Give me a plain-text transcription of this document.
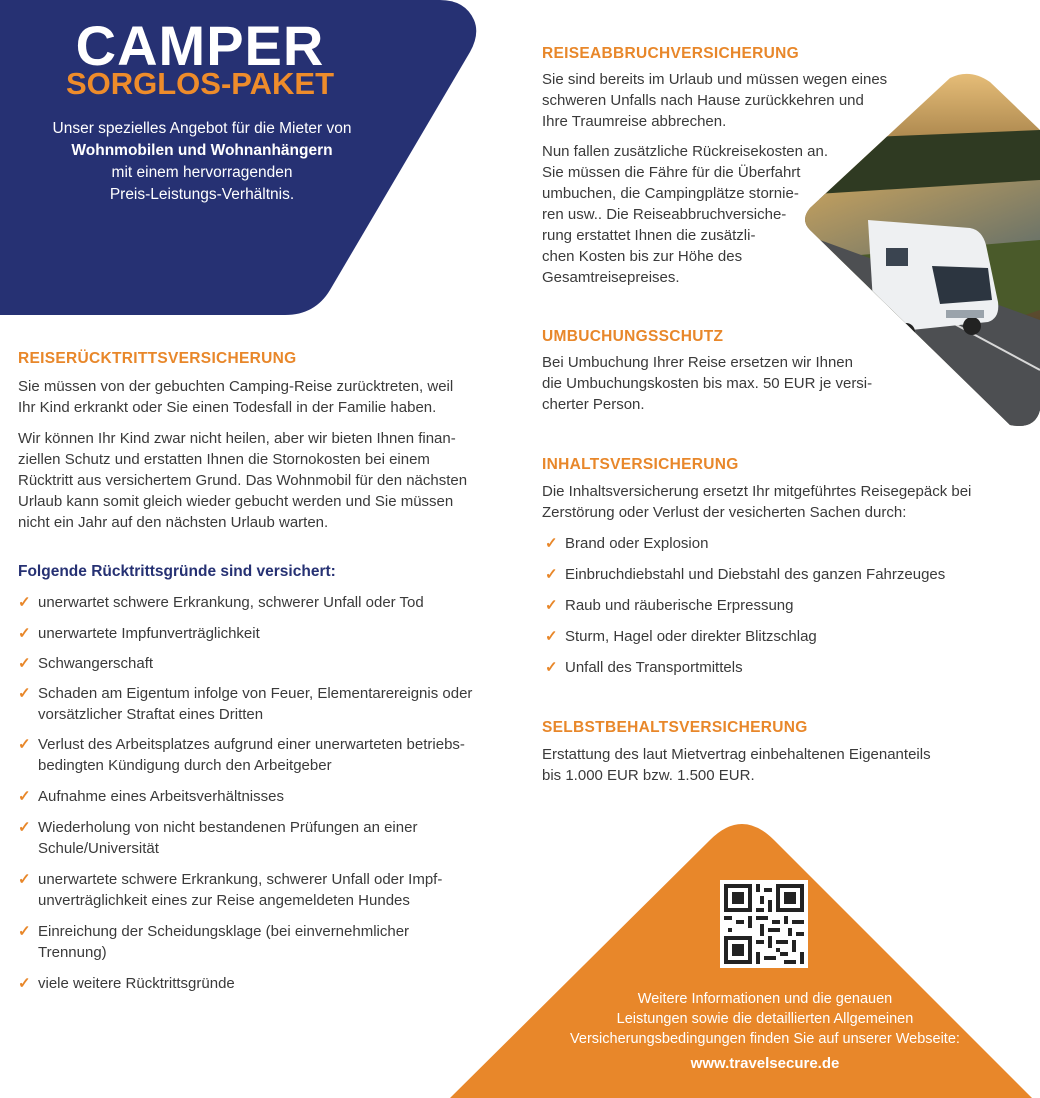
CAMPER
SORGLOS-PAKET
Unser spezielles Angebot für die Mieter von
Wohnmobilen und Wohnanhängern
mit einem hervorragenden
Preis-Leistungs-Verhältnis.
REISERÜCKTRITTSVERSICHERUNG
Sie müssen von der gebuchten Camping-Reise zurücktreten, weil
Ihr Kind erkrankt oder Sie einen Todesfall in der Familie haben.
Wir können Ihr Kind zwar nicht heilen, aber wir bieten Ihnen finan-
ziellen Schutz und erstatten Ihnen die Stornokosten bei einem
Rücktritt aus versichertem Grund. Das Wohnmobil für den nächsten
Urlaub kann somit gleich wieder gebucht werden und Sie müssen
nicht ein Jahr auf den nächsten Urlaub warten.
Folgende Rücktrittsgründe sind versichert:
✓ unerwartet schwere Erkrankung, schwerer Unfall oder Tod
✓ unerwartete Impfunverträglichkeit
✓ Schwangerschaft
✓ Schaden am Eigentum infolge von Feuer, Elementarereignis oder
vorsätzlicher Straftat eines Dritten
✓ Verlust des Arbeitsplatzes aufgrund einer unerwarteten betriebs-
bedingten Kündigung durch den Arbeitgeber
✓ Aufnahme eines Arbeitsverhältnisses
✓ Wiederholung von nicht bestandenen Prüfungen an einer
Schule/Universität
✓ unerwartete schwere Erkrankung, schwerer Unfall oder Impf-
unverträglichkeit eines zur Reise angemeldeten Hundes
✓ Einreichung der Scheidungsklage (bei einvernehmlicher
Trennung)
✓ viele weitere Rücktrittsgründe
REISEABBRUCHVERSICHERUNG
Sie sind bereits im Urlaub und müssen wegen eines
schweren Unfalls nach Hause zurückkehren und
Ihre Traumreise abbrechen.
Nun fallen zusätzliche Rückreisekosten an.
Sie müssen die Fähre für die Überfahrt
umbuchen, die Campingplätze stornie-
ren usw.. Die Reiseabbruchversiche-
rung erstattet Ihnen die zusätzli-
chen Kosten bis zur Höhe des
Gesamtreisepreises.
UMBUCHUNGSSCHUTZ
Bei Umbuchung Ihrer Reise ersetzen wir Ihnen
die Umbuchungskosten bis max. 50 EUR je versi-
cherter Person.
INHALTSVERSICHERUNG
Die Inhaltsversicherung ersetzt Ihr mitgeführtes Reisegepäck bei
Zerstörung oder Verlust der vesicherten Sachen durch:
✓ Brand oder Explosion
✓ Einbruchdiebstahl und Diebstahl des ganzen Fahrzeuges
✓ Raub und räuberische Erpressung
✓ Sturm, Hagel oder direkter Blitzschlag
✓ Unfall des Transportmittels
SELBSTBEHALTSVERSICHERUNG
Erstattung des laut Mietvertrag einbehaltenen Eigenanteils
bis 1.000 EUR bzw. 1.500 EUR.
Weitere Informationen und die genauen
Leistungen sowie die detaillierten Allgemeinen
Versicherungsbedingungen finden Sie auf unserer Webseite:
www.travelsecure.de
